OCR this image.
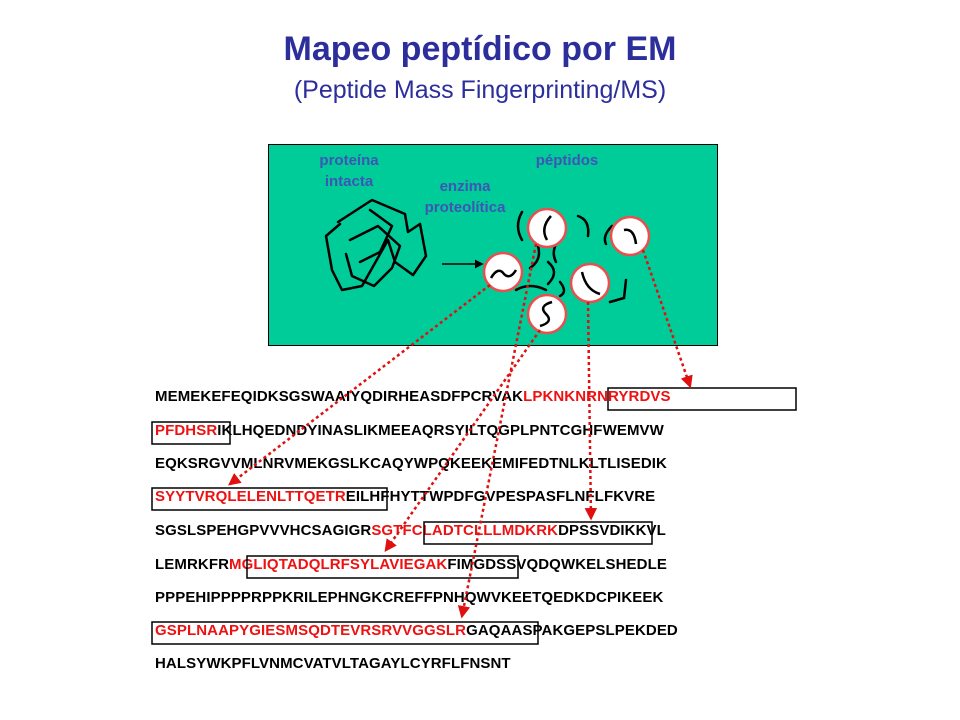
Mapeo peptídico por EM
(Peptide Mass Fingerprinting/MS)
proteína
intacta	enzima
proteolítica
péptidos
MEMEKEFEQIDKSGSWAAIYQDIRHEASDFPCRVAKLPKNKNRNRYRDVS
PFDHSRIKLHQEDNDYINASLIKMEEAQRSYILTQGPLPNTCGHFWEMVW
EQKSRGVVMLNRVMEKGSLKCAQYWPQKEEKEMIFEDTNLKLTLISEDIK
SYYTVRQLELENLTTQETREILHFHYTTWPDFGVPESPASFLNFLFKVRE
SGSLSPEHGPVVVHCSAGIGRSGTFCLADTCLLLMDKRKDPSSVDIKKVL
LEMRKFRMGLIQTADQLRFSYLAVIEGAKFIMGDSSVQDQWKELSHEDLE
PPPEHIPPPPRPPKRILEPHNGKCREFFPNHQWVKEETQEDKDCPIKEEK
GSPLNAAPYGIESMSQDTEVRSRVVGGSLRGAQAASPAKGEPSLPEKDED
HALSYWKPFLVNMCVATVLTAGAYLCYRFLFNSNT
